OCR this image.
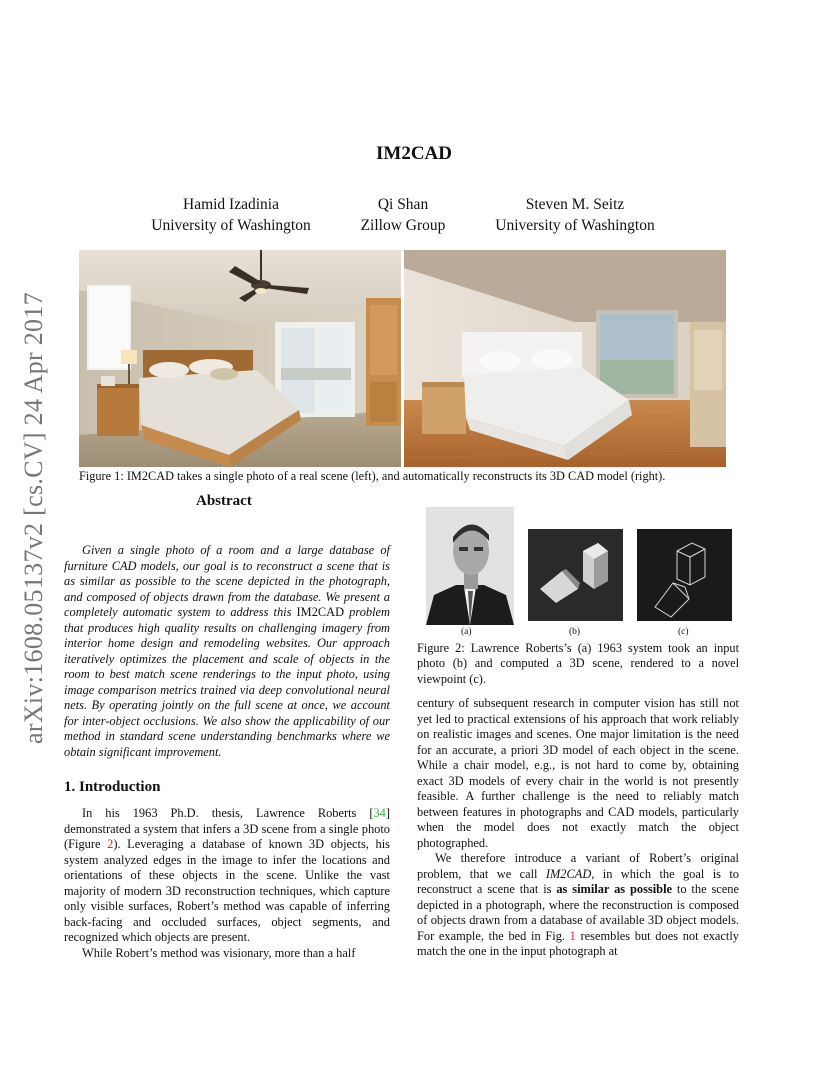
arXiv:1608.05137v2 [cs.CV] 24 Apr 2017
IM2CAD
Hamid Izadinia
University of Washington
Qi Shan
Zillow Group
Steven M. Seitz
University of Washington
Figure 1: IM2CAD takes a single photo of a real scene (left), and automatically reconstructs its 3D CAD model (right).
Abstract

Given a single photo of a room and a large database of furniture CAD models, our goal is to reconstruct a scene that is as similar as possible to the scene depicted in the photograph, and composed of objects drawn from the database. We present a completely automatic system to address this IM2CAD problem that produces high quality results on challenging imagery from interior home design and remodeling websites. Our approach iteratively optimizes the placement and scale of objects in the room to best match scene renderings to the input photo, using image comparison metrics trained via deep convolutional neural nets. By operating jointly on the full scene at once, we account for inter-object occlusions. We also show the applicability of our method in standard scene understanding benchmarks where we obtain significant improvement.

1. Introduction

In his 1963 Ph.D. thesis, Lawrence Roberts [34] demonstrated a system that infers a 3D scene from a single photo (Figure 2). Leveraging a database of known 3D objects, his system analyzed edges in the image to infer the locations and orientations of these objects in the scene. Unlike the vast majority of modern 3D reconstruction techniques, which capture only visible surfaces, Robert’s method was capable of inferring back-facing and occluded surfaces, object segments, and recognized which objects are present.

While Robert’s method was visionary, more than a half

(a)	(b)	(c)
Figure 2: Lawrence Roberts’s (a) 1963 system took an input photo (b) and computed a 3D scene, rendered to a novel viewpoint (c).

century of subsequent research in computer vision has still not yet led to practical extensions of his approach that work reliably on realistic images and scenes. One major limitation is the need for an accurate, a priori 3D model of each object in the scene. While a chair model, e.g., is not hard to come by, obtaining exact 3D models of every chair in the world is not presently feasible. A further challenge is the need to reliably match between features in photographs and CAD models, particularly when the model does not exactly match the object photographed.

We therefore introduce a variant of Robert’s original problem, that we call IM2CAD, in which the goal is to reconstruct a scene that is as similar as possible to the scene depicted in a photograph, where the reconstruction is composed of objects drawn from a database of available 3D object models. For example, the bed in Fig. 1 resembles but does not exactly match the one in the input photograph at
